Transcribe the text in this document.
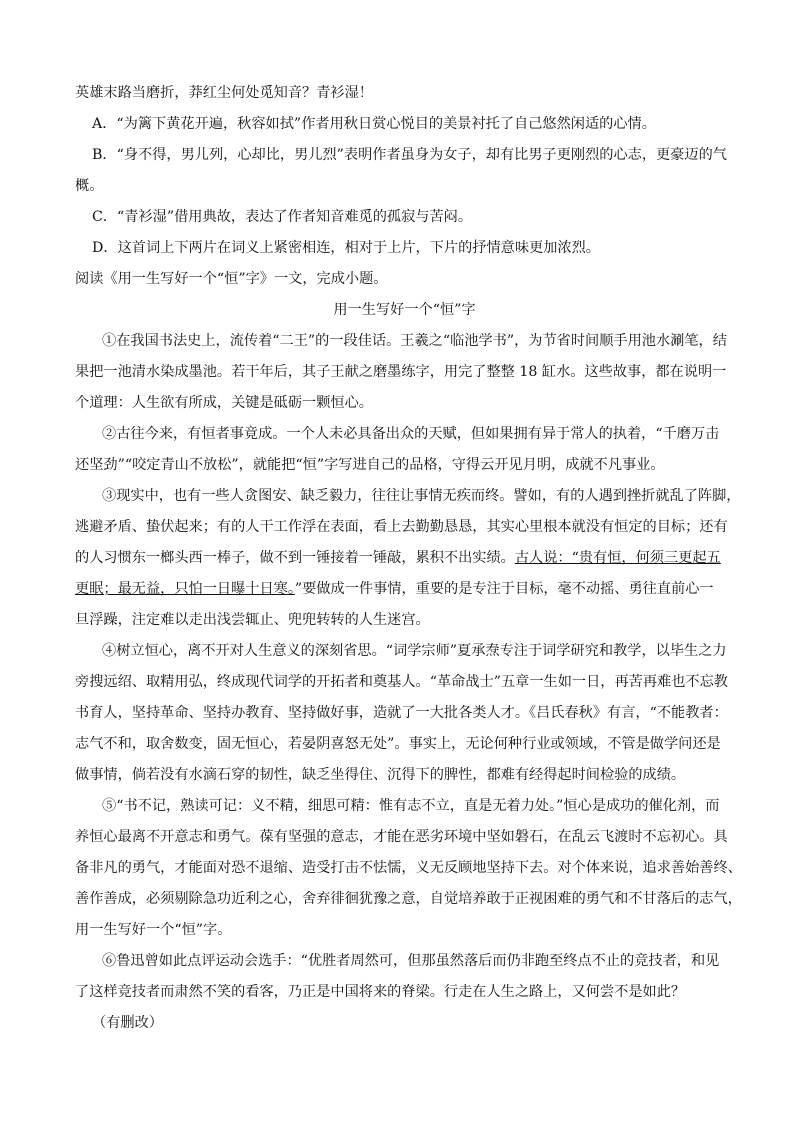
英雄末路当磨折，莽红尘何处觅知音？青衫湿！
A．“为篱下黄花开遍，秋容如拭”作者用秋日赏心悦目的美景衬托了自己悠然闲适的心情。
B．“身不得，男儿列，心却比，男儿烈”表明作者虽身为女子，却有比男子更刚烈的心志，更豪迈的气
概。
C．“青衫湿”借用典故，表达了作者知音难觅的孤寂与苦闷。
D．这首词上下两片在词义上紧密相连，相对于上片，下片的抒情意味更加浓烈。
阅读《用一生写好一个“恒”字》一文，完成小题。
用一生写好一个“恒”字
①在我国书法史上，流传着“二王”的一段佳话。王羲之“临池学书”，为节省时间顺手用池水涮笔，结
果把一池清水染成墨池。若干年后，其子王献之磨墨练字，用完了整整 18 缸水。这些故事，都在说明一
个道理：人生欲有所成，关键是砥砺一颗恒心。
②古往今来，有恒者事竟成。一个人未必具备出众的天赋，但如果拥有异于常人的执着，“千磨万击
还坚劲”“咬定青山不放松”，就能把“恒”字写进自己的品格，守得云开见月明，成就不凡事业。
③现实中，也有一些人贪图安、缺乏毅力，往往让事情无疾而终。譬如，有的人遇到挫折就乱了阵脚，
逃避矛盾、蛰伏起来；有的人干工作浮在表面，看上去勤勤恳恳，其实心里根本就没有恒定的目标；还有
的人习惯东一榔头西一棒子，做不到一锤接着一锤敲，累积不出实绩。古人说：“贵有恒，何须三更起五
更眠；最无益，只怕一日曝十日寒。”要做成一件事情，重要的是专注于目标，毫不动摇、勇往直前心一
旦浮躁，注定难以走出浅尝辄止、兜兜转转的人生迷宫。
④树立恒心，离不开对人生意义的深刻省思。“词学宗师”夏承焘专注于词学研究和教学，以毕生之力
旁搜远绍、取精用弘，终成现代词学的开拓者和奠基人。“革命战士”五章一生如一日，再苦再难也不忘教
书育人，坚持革命、坚持办教育、坚持做好事，造就了一大批各类人才。《吕氏春秋》有言，“不能教者：
志气不和，取舍数变，固无恒心，若晏阴喜怒无处”。事实上，无论何种行业或领域，不管是做学问还是
做事情，倘若没有水滴石穿的韧性，缺乏坐得住、沉得下的脾性，都难有经得起时间检验的成绩。
⑤“书不记，熟读可记：义不精，细思可精：惟有志不立，直是无着力处。”恒心是成功的催化剂，而
养恒心最离不开意志和勇气。葆有坚强的意志，才能在恶劣环境中坚如磐石，在乱云飞渡时不忘初心。具
备非凡的勇气，才能面对恐不退缩、造受打击不怯懦，义无反顾地坚持下去。对个体来说，追求善始善终、
善作善成，必须剔除急功近利之心，舍弃徘徊犹豫之意，自觉培养敢于正视困难的勇气和不甘落后的志气，
用一生写好一个“恒”字。
⑥鲁迅曾如此点评运动会选手：“优胜者周然可，但那虽然落后而仍非跑至终点不止的竞技者，和见
了这样竞技者而肃然不笑的看客，乃正是中国将来的脊梁。行走在人生之路上，又何尝不是如此？
（有删改）
